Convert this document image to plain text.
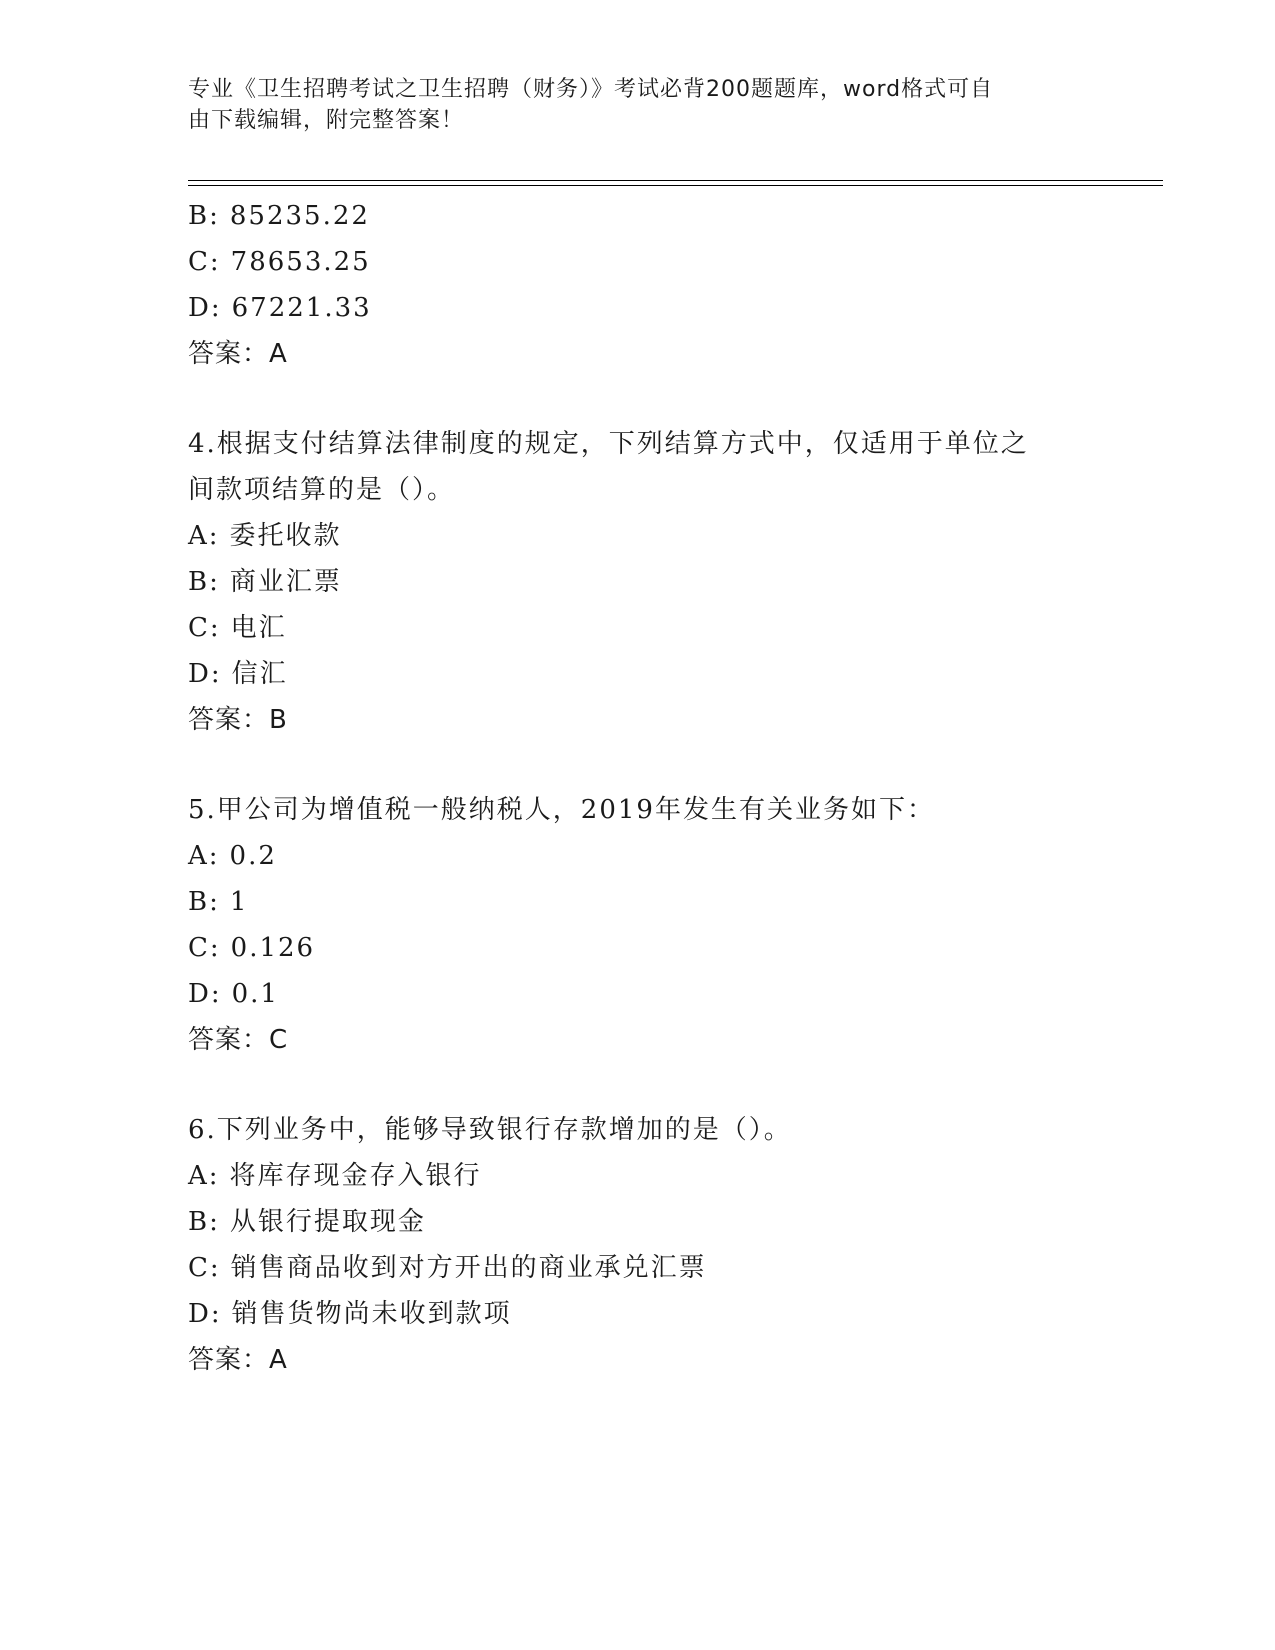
专业《卫生招聘考试之卫生招聘（财务）》考试必背200题题库，word格式可自
由下载编辑，附完整答案！
B: 85235.22
C: 78653.25
D: 67221.33
答案：A
4.根据支付结算法律制度的规定，下列结算方式中，仅适用于单位之
间款项结算的是（）。
A: 委托收款
B: 商业汇票
C: 电汇
D: 信汇
答案：B
5.甲公司为增值税一般纳税人，2019年发生有关业务如下：
A: 0.2
B: 1
C: 0.126
D: 0.1
答案：C
6.下列业务中，能够导致银行存款增加的是（）。
A: 将库存现金存入银行
B: 从银行提取现金
C: 销售商品收到对方开出的商业承兑汇票
D: 销售货物尚未收到款项
答案：A
